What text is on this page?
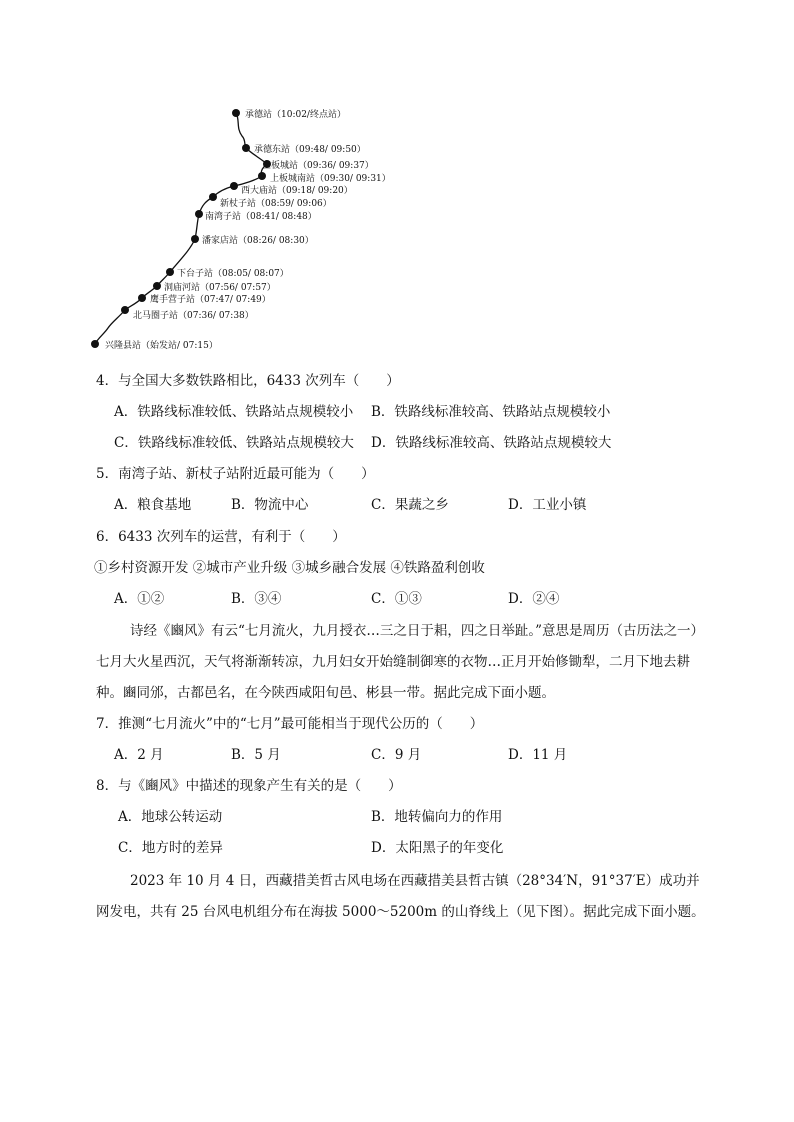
承德站（10:02/终点站）
承德东站（09:48/ 09:50）
上板城站（09:36/ 09:37）
上板城南站（09:30/ 09:31）
西大庙站（09:18/ 09:20）
新杖子站（08:59/ 09:06）
南湾子站（08:41/ 08:48）
潘家店站（08:26/ 08:30）
下台子站（08:05/ 08:07）
洞庙河站（07:56/ 07:57）
鹰手营子站（07:47/ 07:49）
北马圈子站（07:36/ 07:38）
兴隆县站（始发站/ 07:15）
4．与全国大多数铁路相比，6433 次列车（　　）
A．铁路线标准较低、铁路站点规模较小 B．铁路线标准较高、铁路站点规模较小
C．铁路线标准较低、铁路站点规模较大 D．铁路线标准较高、铁路站点规模较大
5．南湾子站、新杖子站附近最可能为（　　）
A．粮食基地	B．物流中心	C．果蔬之乡	D．工业小镇
6．6433 次列车的运营，有利于（　　）
①乡村资源开发 ②城市产业升级 ③城乡融合发展 ④铁路盈利创收
A．①②	B．③④	C．①③	D．②④
诗经《豳风》有云“七月流火，九月授衣…三之日于耜，四之日举趾。”意思是周历（古历法之一）七月大火星西沉，天气将渐渐转凉，九月妇女开始缝制御寒的衣物…正月开始修锄犁，二月下地去耕种。豳同邠，古都邑名，在今陕西咸阳旬邑、彬县一带。据此完成下面小题。
7．推测“七月流火”中的“七月”最可能相当于现代公历的（　　）
A．2 月	B．5 月	C．9 月	D．11 月
8．与《豳风》中描述的现象产生有关的是（　　）
A．地球公转运动	B．地转偏向力的作用
C．地方时的差异	D．太阳黑子的年变化
2023 年 10 月 4 日，西藏措美哲古风电场在西藏措美县哲古镇（28°34′N，91°37′E）成功并网发电，共有 25 台风电机组分布在海拔 5000～5200m 的山脊线上（见下图）。据此完成下面小题。
